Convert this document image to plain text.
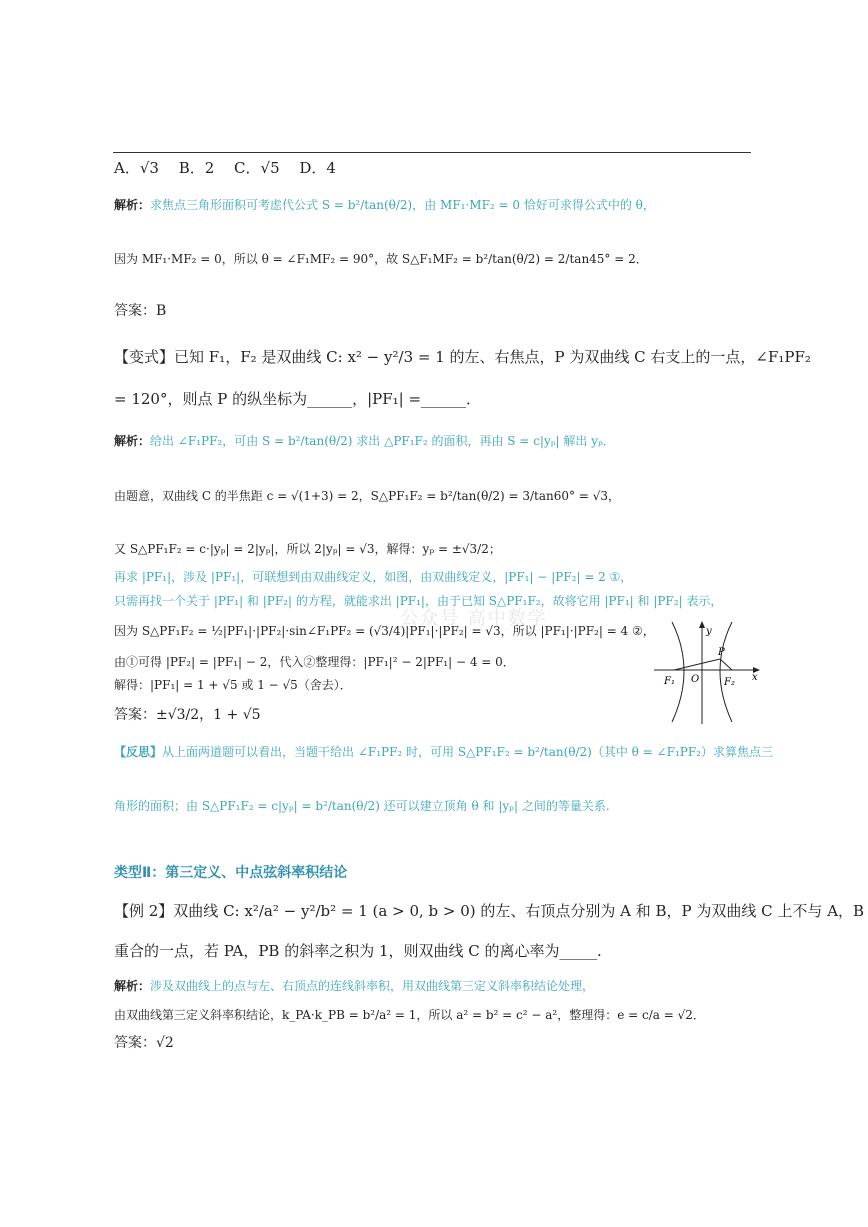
A．√3　 B．2　 C．√5　 D．4
解析：求焦点三角形面积可考虑代公式 S = b²/tan(θ/2)，由 MF₁·MF₂ = 0 恰好可求得公式中的 θ，
因为 MF₁·MF₂ = 0，所以 θ = ∠F₁MF₂ = 90°，故 S△F₁MF₂ = b²/tan(θ/2) = 2/tan45° = 2．
答案：B
【变式】已知 F₁，F₂ 是双曲线 C: x² − y²/3 = 1 的左、右焦点，P 为双曲线 C 右支上的一点，∠F₁PF₂
= 120°，则点 P 的纵坐标为______，|PF₁| =______．
解析：给出 ∠F₁PF₂，可由 S = b²/tan(θ/2) 求出 △PF₁F₂ 的面积，再由 S = c|yₚ| 解出 yₚ．
由题意，双曲线 C 的半焦距 c = √(1+3) = 2，S△PF₁F₂ = b²/tan(θ/2) = 3/tan60° = √3，
又 S△PF₁F₂ = c·|yₚ| = 2|yₚ|，所以 2|yₚ| = √3，解得：yₚ = ±√3/2；
再求 |PF₁|，涉及 |PF₁|，可联想到由双曲线定义，如图，由双曲线定义，|PF₁| − |PF₂| = 2 ①，
只需再找一个关于 |PF₁| 和 |PF₂| 的方程，就能求出 |PF₁|，由于已知 S△PF₁F₂，故将它用 |PF₁| 和 |PF₂| 表示，
因为 S△PF₁F₂ = ½|PF₁|·|PF₂|·sin∠F₁PF₂ = (√3/4)|PF₁|·|PF₂| = √3，所以 |PF₁|·|PF₂| = 4 ②，
由①可得 |PF₂| = |PF₁| − 2，代入②整理得：|PF₁|² − 2|PF₁| − 4 = 0．
解得：|PF₁| = 1 + √5 或 1 − √5（舍去）．
答案：±√3/2，1 + √5
公众号 高中数学
y
x
O
F₁	F₂
P
【反思】从上面两道题可以看出，当题干给出 ∠F₁PF₂ 时，可用 S△PF₁F₂ = b²/tan(θ/2)（其中 θ = ∠F₁PF₂）求算焦点三
角形的面积；由 S△PF₁F₂ = c|yₚ| = b²/tan(θ/2) 还可以建立顶角 θ 和 |yₚ| 之间的等量关系.
类型Ⅱ：第三定义、中点弦斜率积结论
【例 2】双曲线 C: x²/a² − y²/b² = 1 (a > 0, b > 0) 的左、右顶点分别为 A 和 B，P 为双曲线 C 上不与 A，B
重合的一点，若 PA，PB 的斜率之积为 1，则双曲线 C 的离心率为_____.
解析：涉及双曲线上的点与左、右顶点的连线斜率积，用双曲线第三定义斜率积结论处理，
由双曲线第三定义斜率积结论，k_PA·k_PB = b²/a² = 1，所以 a² = b² = c² − a²，整理得：e = c/a = √2．
答案：√2
